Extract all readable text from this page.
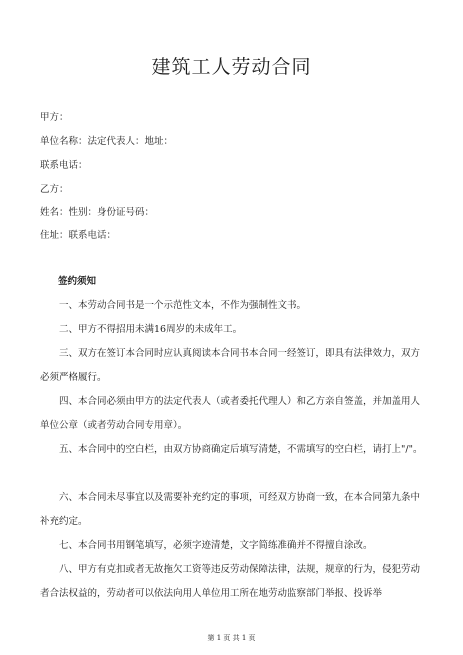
建筑工人劳动合同
甲方：
单位名称：法定代表人：地址：
联系电话：
乙方：
姓名：性别：身份证号码：
住址：联系电话：
签约须知

一、本劳动合同书是一个示范性文本，不作为强制性文书。

二、甲方不得招用未满16周岁的未成年工。

三、双方在签订本合同时应认真阅读本合同书本合同一经签订，即具有法律效力，双方必须严格履行。

四、本合同必须由甲方的法定代表人（或者委托代理人）和乙方亲自签盖，并加盖用人单位公章（或者劳动合同专用章）。

五、本合同中的空白栏，由双方协商确定后填写清楚，不需填写的空白栏，请打上"/"。

六、本合同未尽事宜以及需要补充约定的事项，可经双方协商一致，在本合同第九条中补充约定。

七、本合同书用钢笔填写，必须字迹清楚，文字简练准确并不得擅自涂改。

八、甲方有克扣或者无故拖欠工资等违反劳动保障法律，法规，规章的行为，侵犯劳动者合法权益的，劳动者可以依法向用人单位用工所在地劳动监察部门举报、投诉举

第 1 页 共 1 页
